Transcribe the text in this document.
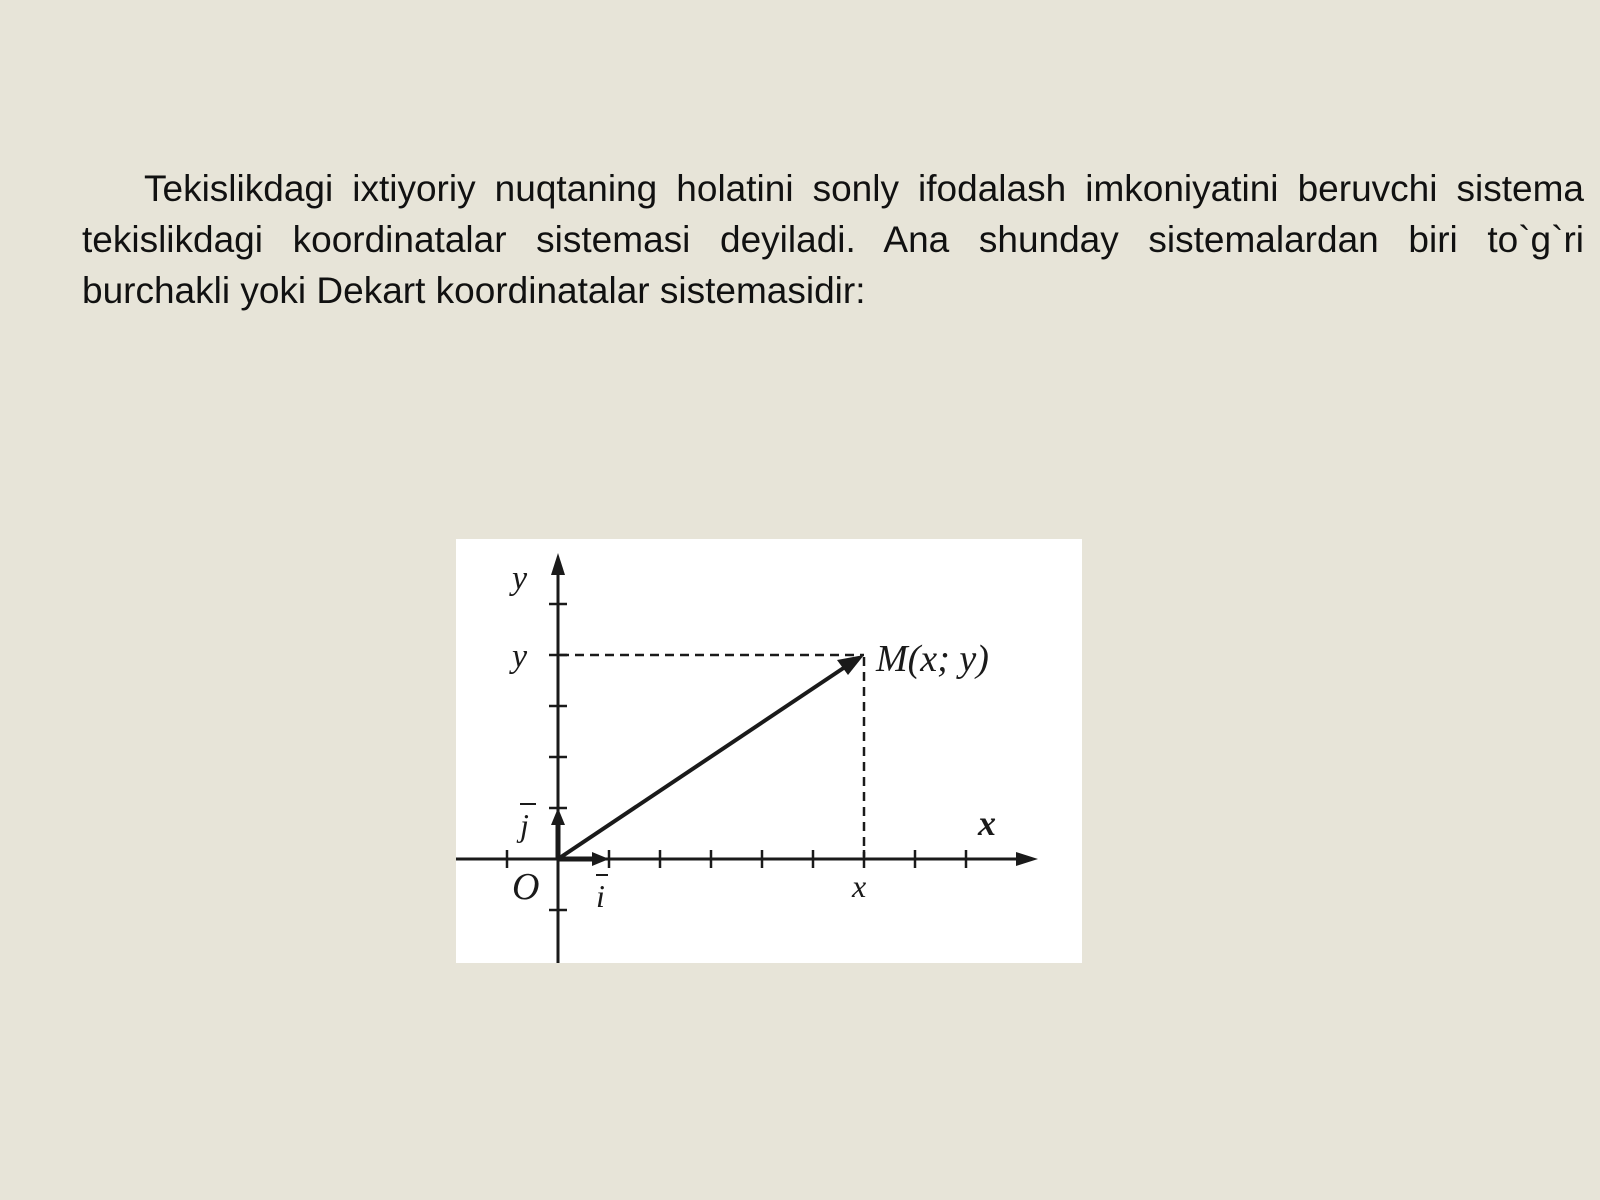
Tekislikdagi ixtiyoriy nuqtaning holatini sonly ifodalash imkoniyatini beruvchi sistema tekislikdagi koordinatalar sistemasi deyiladi. Ana shunday sistemalardan biri to`g`ri burchakli yoki Dekart koordinatalar sistemasidir:

y
y	M(x; y)
x
x
O i
j
